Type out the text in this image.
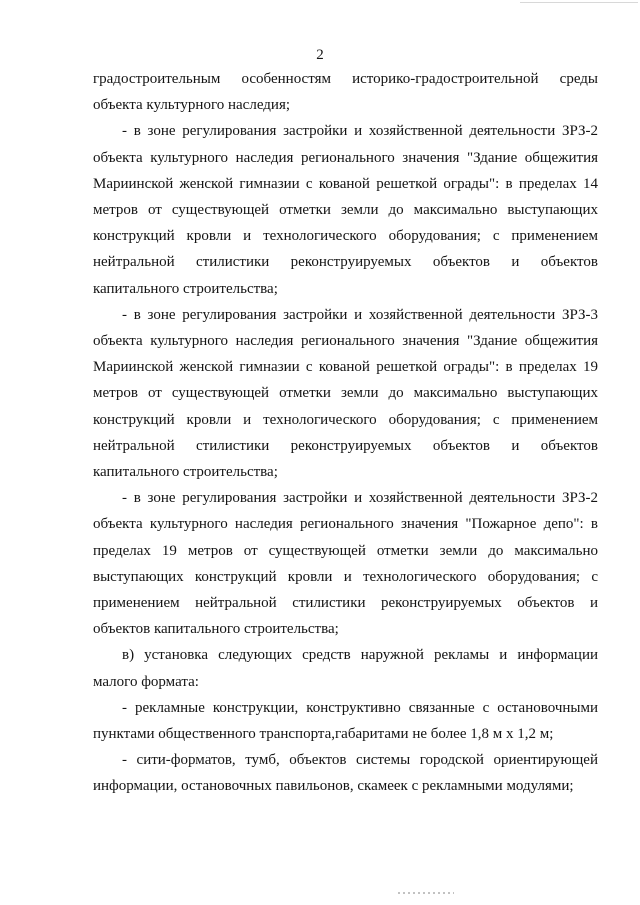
2

градостроительным особенностям историко-градостроительной среды объекта культурного наследия;

- в зоне регулирования застройки и хозяйственной деятельности ЗРЗ-2 объекта культурного наследия регионального значения "Здание общежития Мариинской женской гимназии с кованой решеткой ограды": в пределах 14 метров от существующей отметки земли до максимально выступающих конструкций кровли и технологического оборудования; с применением нейтральной стилистики реконструируемых объектов и объектов капитального строительства;

- в зоне регулирования застройки и хозяйственной деятельности ЗРЗ-3 объекта культурного наследия регионального значения "Здание общежития Мариинской женской гимназии с кованой решеткой ограды": в пределах 19 метров от существующей отметки земли до максимально выступающих конструкций кровли и технологического оборудования; с применением нейтральной стилистики реконструируемых объектов и объектов капитального строительства;

- в зоне регулирования застройки и хозяйственной деятельности ЗРЗ-2 объекта культурного наследия регионального значения "Пожарное депо": в пределах 19 метров от существующей отметки земли до максимально выступающих конструкций кровли и технологического оборудования; с применением нейтральной стилистики реконструируемых объектов и объектов капитального строительства;

в) установка следующих средств наружной рекламы и информации малого формата:

- рекламные конструкции, конструктивно связанные с остановочными пунктами общественного транспорта,габаритами не более 1,8 м х 1,2 м;

- сити-форматов, тумб, объектов системы городской ориентирующей информации, остановочных павильонов, скамеек с рекламными модулями;
